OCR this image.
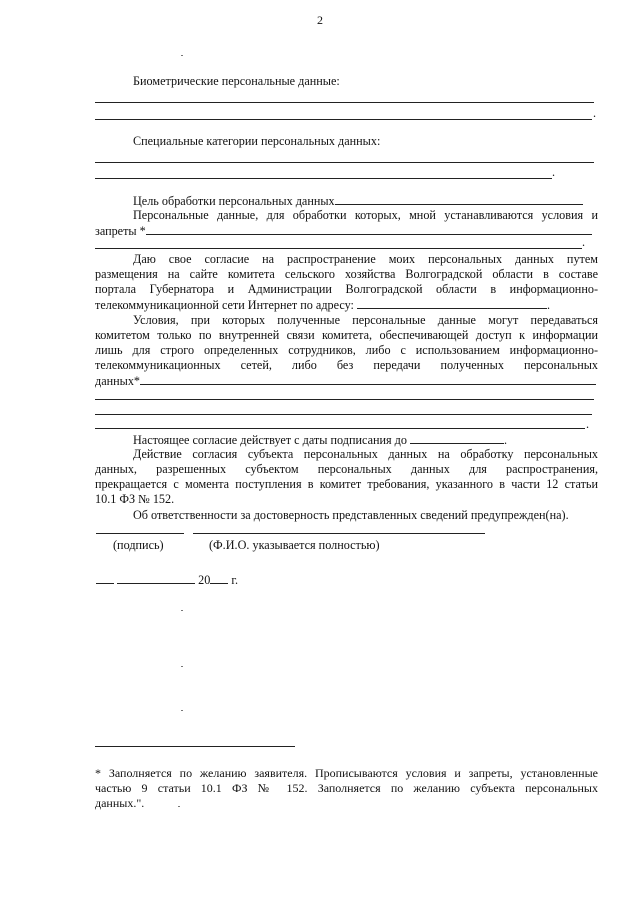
2
Биометрические персональные данные:
.
Специальные категории персональных данных:
.
Цель обработки персональных данных
Персональные данные, для обработки которых, мной устанавливаются условия и
запреты *
.
Даю свое согласие на распространение моих персональных данных путем
размещения на сайте комитета сельского хозяйства Волгоградской области в составе
портала Губернатора и Администрации Волгоградской области в информационно-
телекоммуникационной сети Интернет по адресу:	.
Условия, при которых полученные персональные данные могут передаваться
комитетом только по внутренней связи комитета, обеспечивающей доступ к информации
лишь для строго определенных сотрудников, либо с использованием информационно-
телекоммуникационных сетей, либо без передачи полученных персональных
данных*
.
Настоящее согласие действует с даты подписания до	.
Действие согласия субъекта персональных данных на обработку персональных
данных, разрешенных субъектом персональных данных для распространения,
прекращается с момента поступления в комитет требования, указанного в части 12 статьи
10.1 ФЗ № 152.
Об ответственности за достоверность представленных сведений предупрежден(на).
(подпись)	(Ф.И.О. указывается полностью)
20 г.
* Заполняется по желанию заявителя. Прописываются условия и запреты, установленные
частью 9 статьи 10.1 ФЗ № 152. Заполняется по желанию субъекта персональных
данных.".
